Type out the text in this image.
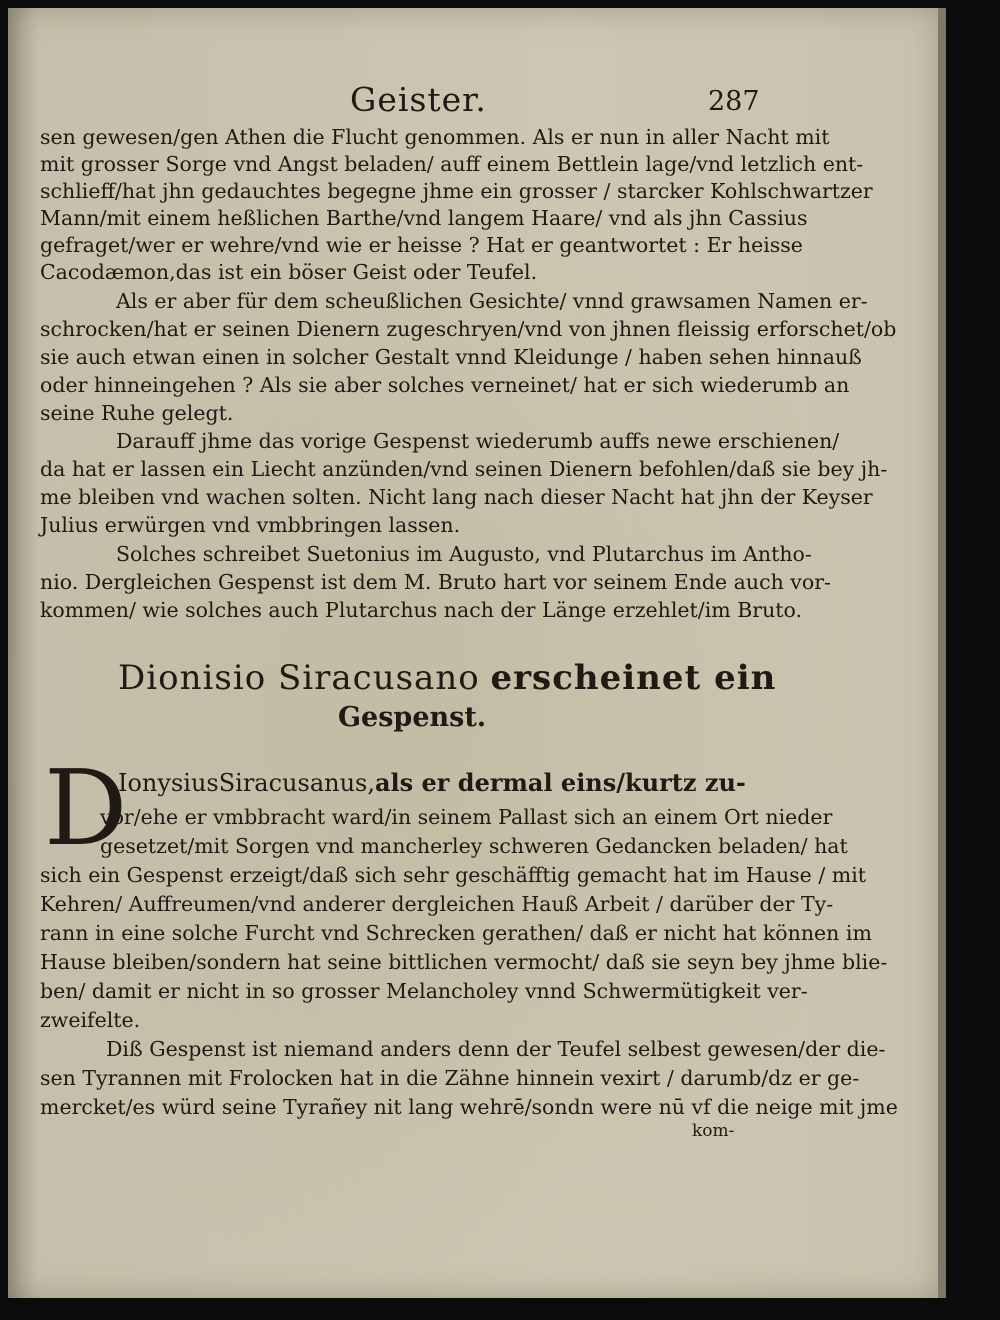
Geister.	287
sen gewesen/gen Athen die Flucht genommen. Als er nun in aller Nacht mit
mit grosser Sorge vnd Angst beladen/ auff einem Bettlein lage/vnd letzlich ent-
schlieff/hat jhn gedauchtes begegne jhme ein grosser / starcker Kohlschwartzer
Mann/mit einem heßlichen Barthe/vnd langem Haare/ vnd als jhn Cassius
gefraget/wer er wehre/vnd wie er heisse ? Hat er geantwortet : Er heisse
Cacodæmon,das ist ein böser Geist oder Teufel.
Als er aber für dem scheußlichen Gesichte/ vnnd grawsamen Namen er-
schrocken/hat er seinen Dienern zugeschryen/vnd von jhnen fleissig erforschet/ob
sie auch etwan einen in solcher Gestalt vnnd Kleidunge / haben sehen hinnauß
oder hinneingehen ? Als sie aber solches verneinet/ hat er sich wiederumb an
seine Ruhe gelegt.
Darauff jhme das vorige Gespenst wiederumb auffs newe erschienen/
da hat er lassen ein Liecht anzünden/vnd seinen Dienern befohlen/daß sie bey jh-
me bleiben vnd wachen solten. Nicht lang nach dieser Nacht hat jhn der Keyser
Julius erwürgen vnd vmbbringen lassen.
Solches schreibet Suetonius im Augusto, vnd Plutarchus im Antho-
nio. Dergleichen Gespenst ist dem M. Bruto hart vor seinem Ende auch vor-
kommen/ wie solches auch Plutarchus nach der Länge erzehlet/im Bruto.
Dionisio Siracusano erscheinet ein
Gespenst.
D
IonysiusSiracusanus,als er dermal eins/kurtz zu-
vor/ehe er vmbbracht ward/in seinem Pallast sich an einem Ort nieder
gesetzet/mit Sorgen vnd mancherley schweren Gedancken beladen/ hat
sich ein Gespenst erzeigt/daß sich sehr geschäfftig gemacht hat im Hause / mit
Kehren/ Auffreumen/vnd anderer dergleichen Hauß Arbeit / darüber der Ty-
rann in eine solche Furcht vnd Schrecken gerathen/ daß er nicht hat können im
Hause bleiben/sondern hat seine bittlichen vermocht/ daß sie seyn bey jhme blie-
ben/ damit er nicht in so grosser Melancholey vnnd Schwermütigkeit ver-
zweifelte.
Diß Gespenst ist niemand anders denn der Teufel selbest gewesen/der die-
sen Tyrannen mit Frolocken hat in die Zähne hinnein vexirt / darumb/dz er ge-
mercket/es würd seine Tyrañey nit lang wehrē/sondn were nū vf die neige mit jme
kom-
